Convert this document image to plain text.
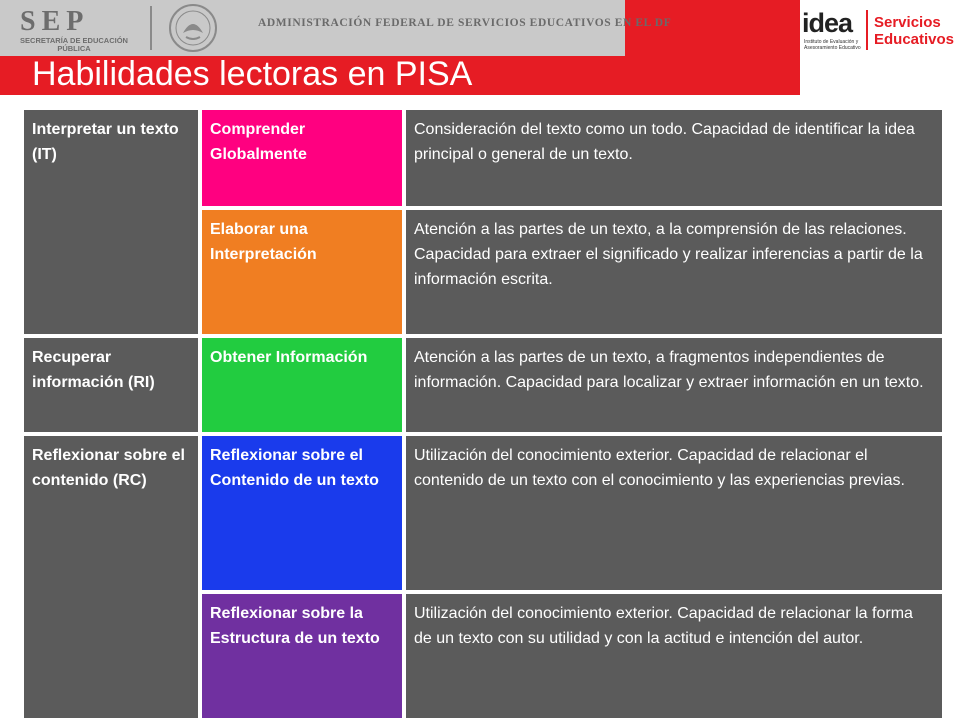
SEP
SECRETARÍA DE EDUCACIÓN PÚBLICA
ADMINISTRACIÓN FEDERAL DE SERVICIOS EDUCATIVOS EN EL DF
Habilidades lectoras en PISA
idea
Instituto de Evaluación y Asesoramiento Educativo
Servicios
Educativos
Interpretar un texto (IT)
Recuperar información (RI)
Reflexionar sobre el contenido (RC)
Comprender Globalmente
Elaborar una Interpretación
Obtener Información
Reflexionar sobre el Contenido de un texto
Reflexionar sobre la Estructura de un texto
Consideración del texto como un todo. Capacidad de identificar la idea principal o general de un texto.
Atención a las partes de un texto, a la comprensión de las relaciones. Capacidad para extraer el significado y realizar inferencias a partir de la información escrita.
Atención a las partes de un texto, a fragmentos independientes de información. Capacidad para localizar y extraer información en un texto.
Utilización del conocimiento exterior. Capacidad de relacionar el contenido de un texto con el conocimiento y las experiencias previas.
Utilización del conocimiento exterior. Capacidad de relacionar la forma de un texto con su utilidad y con la actitud e intención del autor.
